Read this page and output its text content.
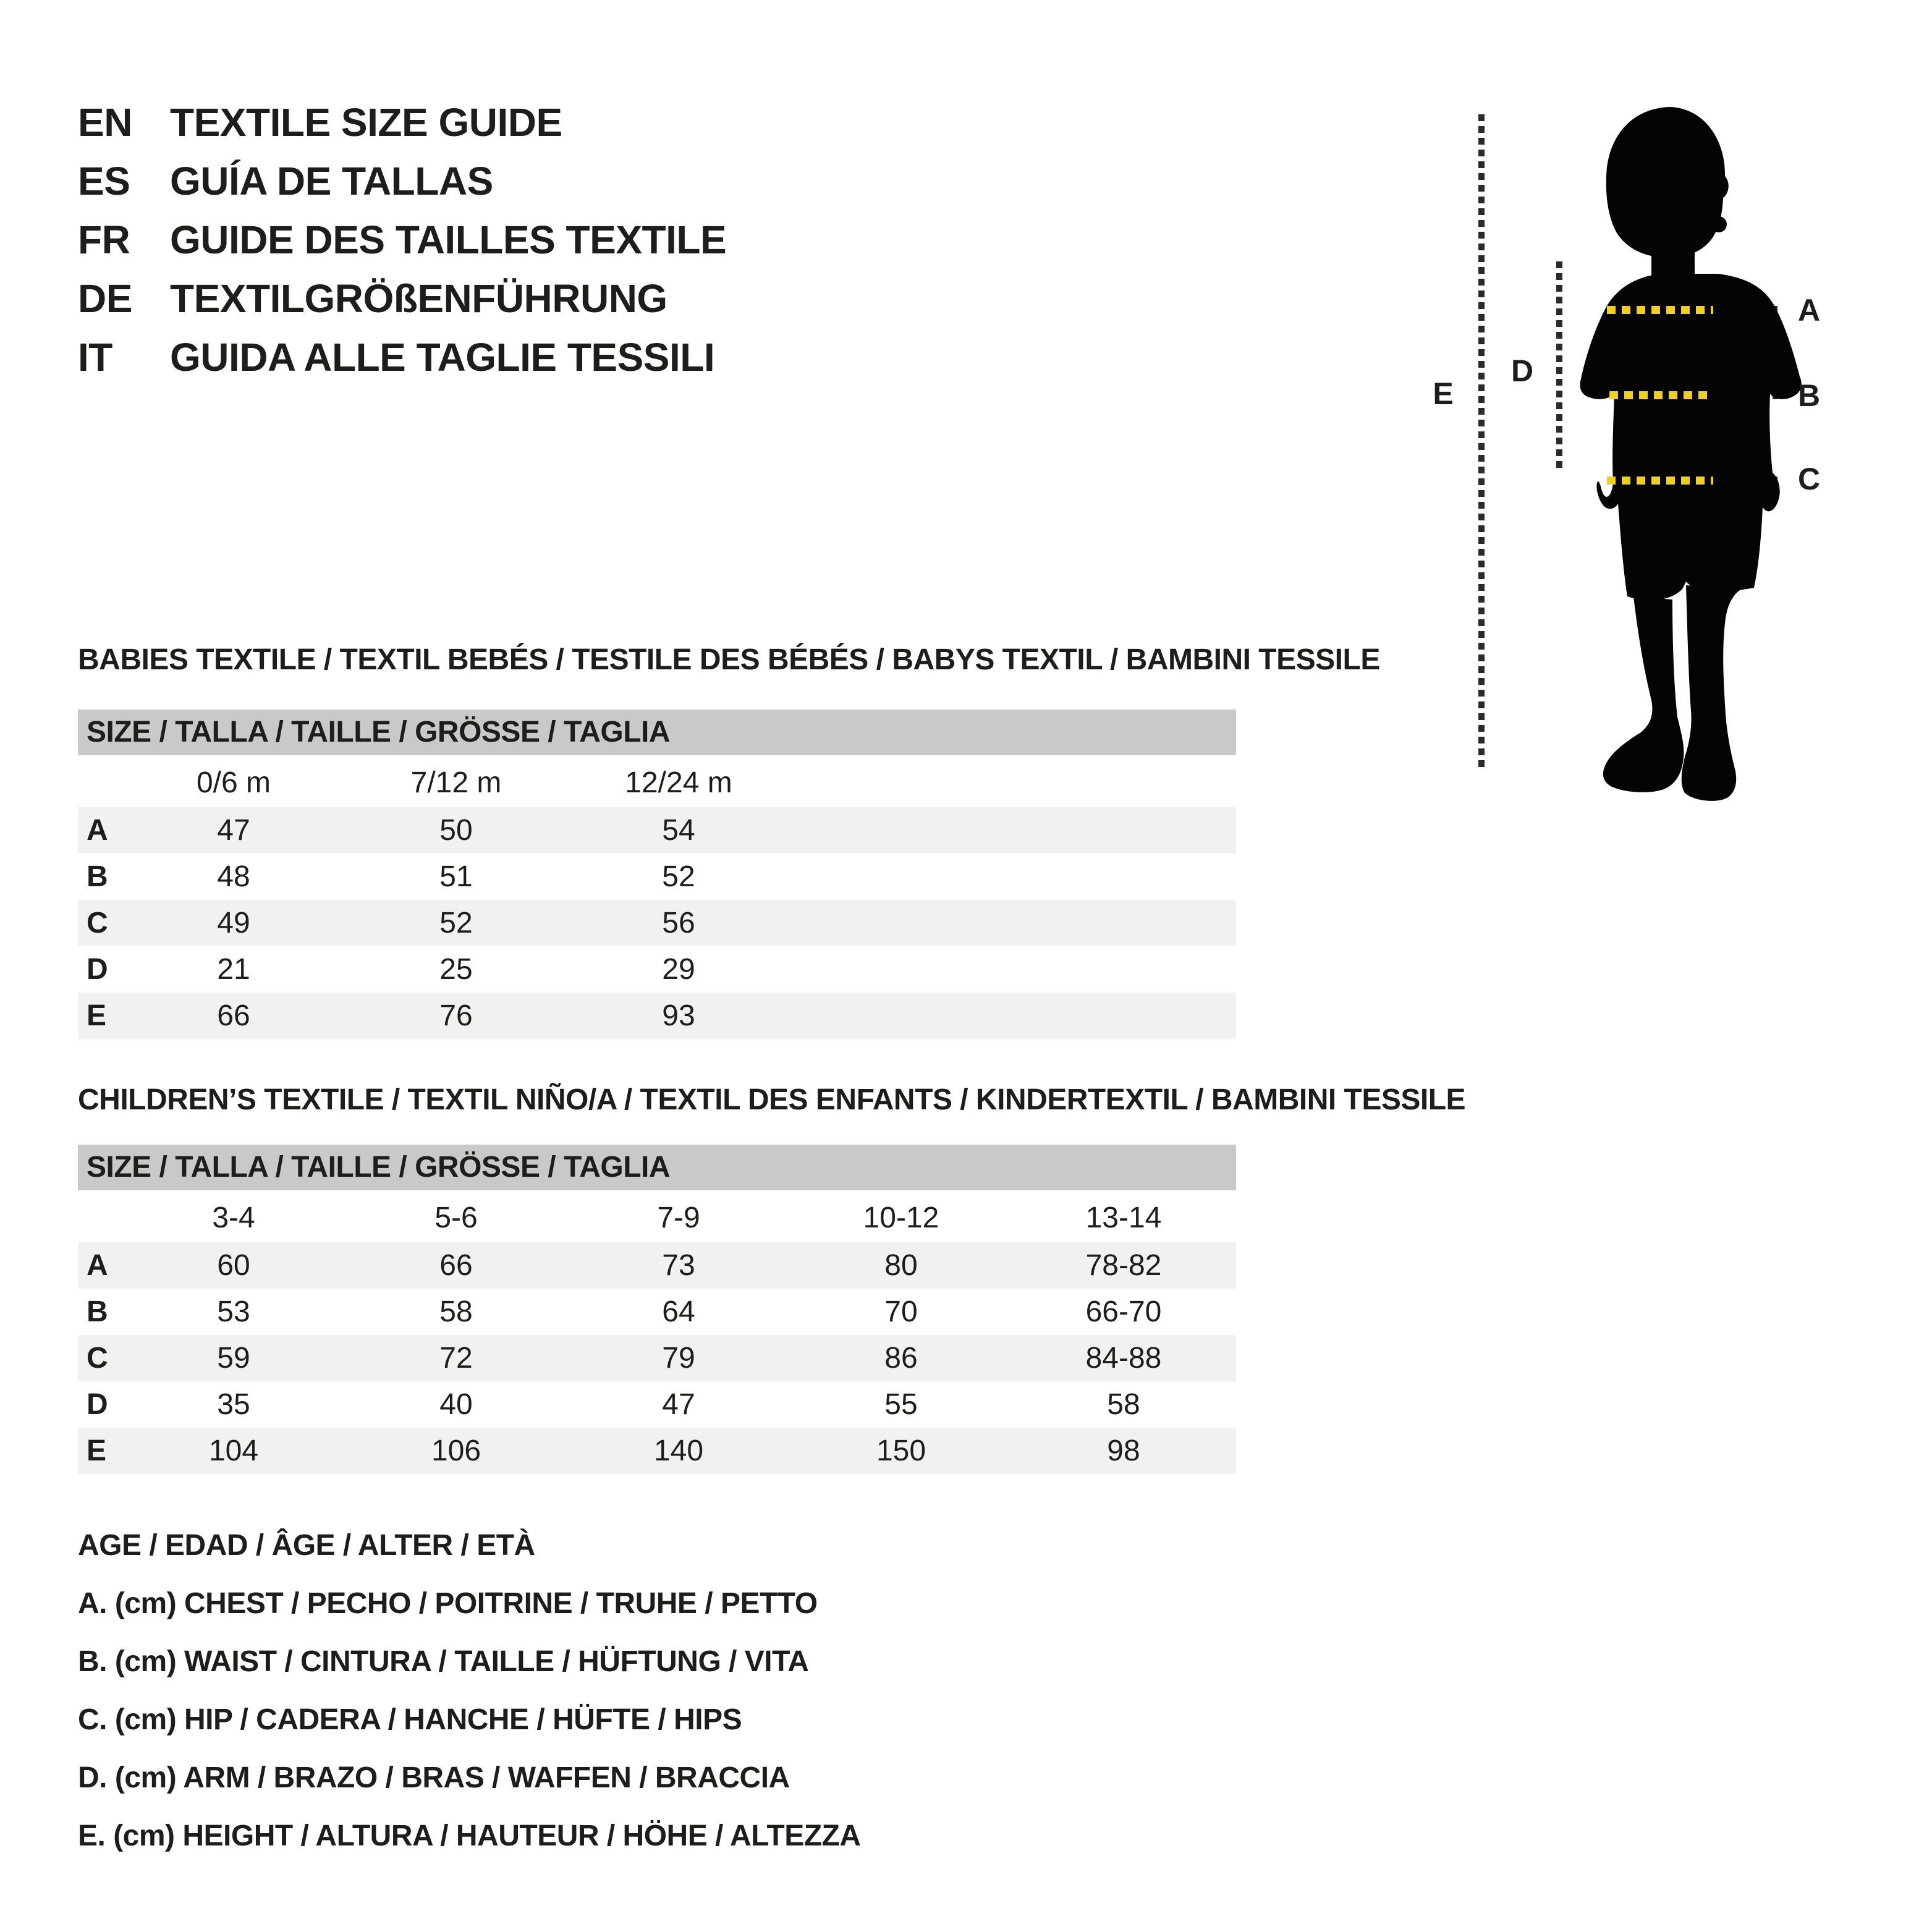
EN TEXTILE SIZE GUIDE
ES	GUÍA DE TALLAS
FR	GUIDE DES TAILLES TEXTILE
DE TEXTILGRÖßENFÜHRUNG
IT	GUIDA ALLE TAGLIE TESSILI
E
D
A
B
C
BABIES TEXTILE / TEXTIL BEBÉS / TESTILE DES BÉBÉS / BABYS TEXTIL / BAMBINI TESSILE
SIZE / TALLA / TAILLE / GRÖSSE / TAGLIA
0/6 m	7/12 m	12/24 m
A	47	50	54
B	48	51	52
C	49	52	56
D	21	25	29
E	66	76	93
CHILDREN’S TEXTILE / TEXTIL NIÑO/A / TEXTIL DES ENFANTS / KINDERTEXTIL / BAMBINI TESSILE
SIZE / TALLA / TAILLE / GRÖSSE / TAGLIA
3-4	5-6	7-9	10-12	13-14
A	60	66	73	80	78-82
B	53	58	64	70	66-70
C	59	72	79	86	84-88
D	35	40	47	55	58
E	104	106	140	150	98
AGE / EDAD / ÂGE / ALTER / ETÀ
A. (cm) CHEST / PECHO / POITRINE / TRUHE / PETTO
B. (cm) WAIST / CINTURA / TAILLE / HÜFTUNG / VITA
C. (cm) HIP / CADERA / HANCHE / HÜFTE / HIPS
D. (cm) ARM / BRAZO / BRAS / WAFFEN / BRACCIA
E. (cm) HEIGHT / ALTURA / HAUTEUR / HÖHE / ALTEZZA
